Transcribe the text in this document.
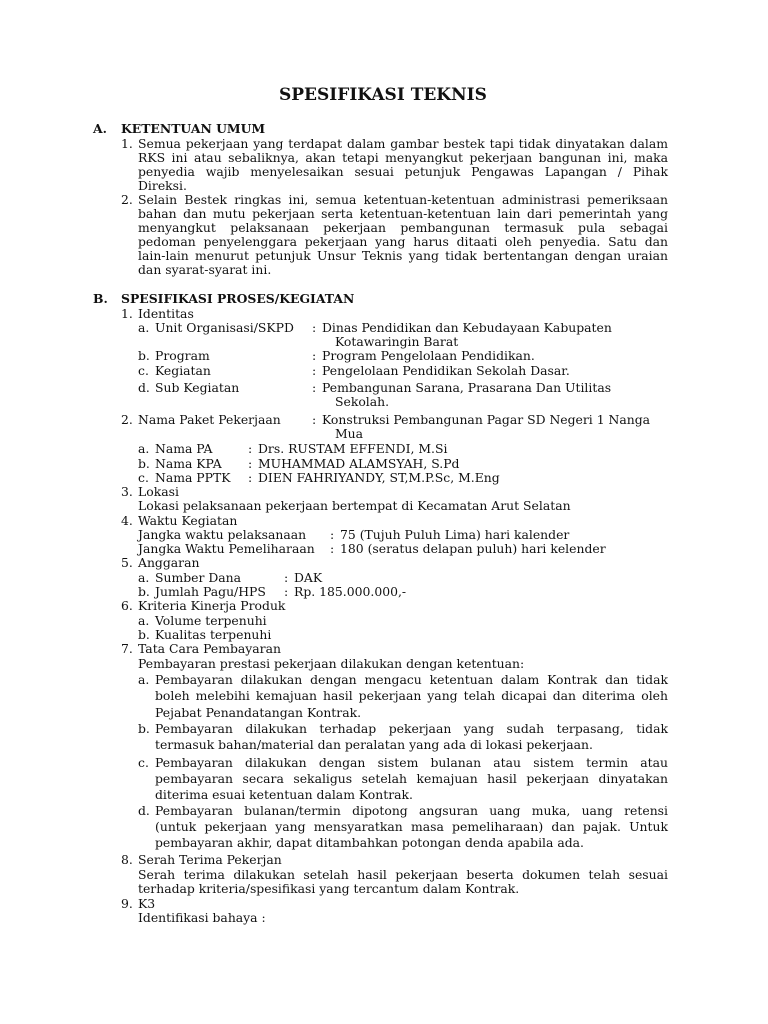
SPESIFIKASI TEKNIS
A. KETENTUAN UMUM
1. Semua pekerjaan yang terdapat dalam gambar bestek tapi tidak dinyatakan dalam
RKS ini atau sebaliknya, akan tetapi menyangkut pekerjaan bangunan ini, maka
penyedia wajib menyelesaikan sesuai petunjuk Pengawas Lapangan / Pihak
Direksi.
2. Selain Bestek ringkas ini, semua ketentuan-ketentuan administrasi pemeriksaan
bahan dan mutu pekerjaan serta ketentuan-ketentuan lain dari pemerintah yang
menyangkut pelaksanaan pekerjaan pembangunan termasuk pula sebagai
pedoman penyelenggara pekerjaan yang harus ditaati oleh penyedia. Satu dan
lain-lain menurut petunjuk Unsur Teknis yang tidak bertentangan dengan uraian
dan syarat-syarat ini.
B. SPESIFIKASI PROSES/KEGIATAN
1. Identitas
a. Unit Organisasi/SKPD : Dinas Pendidikan dan Kebudayaan Kabupaten
Kotawaringin Barat
b. Program	: Program Pengelolaan Pendidikan.
c. Kegiatan	: Pengelolaan Pendidikan Sekolah Dasar.
d. Sub Kegiatan	: Pembangunan Sarana, Prasarana Dan Utilitas
Sekolah.
2. Nama Paket Pekerjaan	: Konstruksi Pembangunan Pagar SD Negeri 1 Nanga
Mua
a. Nama PA	: Drs. RUSTAM EFFENDI, M.Si
b. Nama KPA : MUHAMMAD ALAMSYAH, S.Pd
c. Nama PPTK : DIEN FAHRIYANDY, ST,M.P.Sc, M.Eng
3. Lokasi
Lokasi pelaksanaan pekerjaan bertempat di Kecamatan Arut Selatan
4. Waktu Kegiatan
Jangka waktu pelaksanaan : 75 (Tujuh Puluh Lima) hari kalender
Jangka Waktu Pemeliharaan : 180 (seratus delapan puluh) hari kelender
5. Anggaran
a. Sumber Dana	: DAK
b. Jumlah Pagu/HPS : Rp. 185.000.000,-
6. Kriteria Kinerja Produk
a. Volume terpenuhi
b. Kualitas terpenuhi
7. Tata Cara Pembayaran
Pembayaran prestasi pekerjaan dilakukan dengan ketentuan:
a. Pembayaran dilakukan dengan mengacu ketentuan dalam Kontrak dan tidak
boleh melebihi kemajuan hasil pekerjaan yang telah dicapai dan diterima oleh
Pejabat Penandatangan Kontrak.
b. Pembayaran dilakukan terhadap pekerjaan yang sudah terpasang, tidak
termasuk bahan/material dan peralatan yang ada di lokasi pekerjaan.
c. Pembayaran dilakukan dengan sistem bulanan atau sistem termin atau
pembayaran secara sekaligus setelah kemajuan hasil pekerjaan dinyatakan
diterima esuai ketentuan dalam Kontrak.
d. Pembayaran bulanan/termin dipotong angsuran uang muka, uang retensi
(untuk pekerjaan yang mensyaratkan masa pemeliharaan) dan pajak. Untuk
pembayaran akhir, dapat ditambahkan potongan denda apabila ada.
8. Serah Terima Pekerjan
Serah terima dilakukan setelah hasil pekerjaan beserta dokumen telah sesuai
terhadap kriteria/spesifikasi yang tercantum dalam Kontrak.
9. K3
Identifikasi bahaya :
